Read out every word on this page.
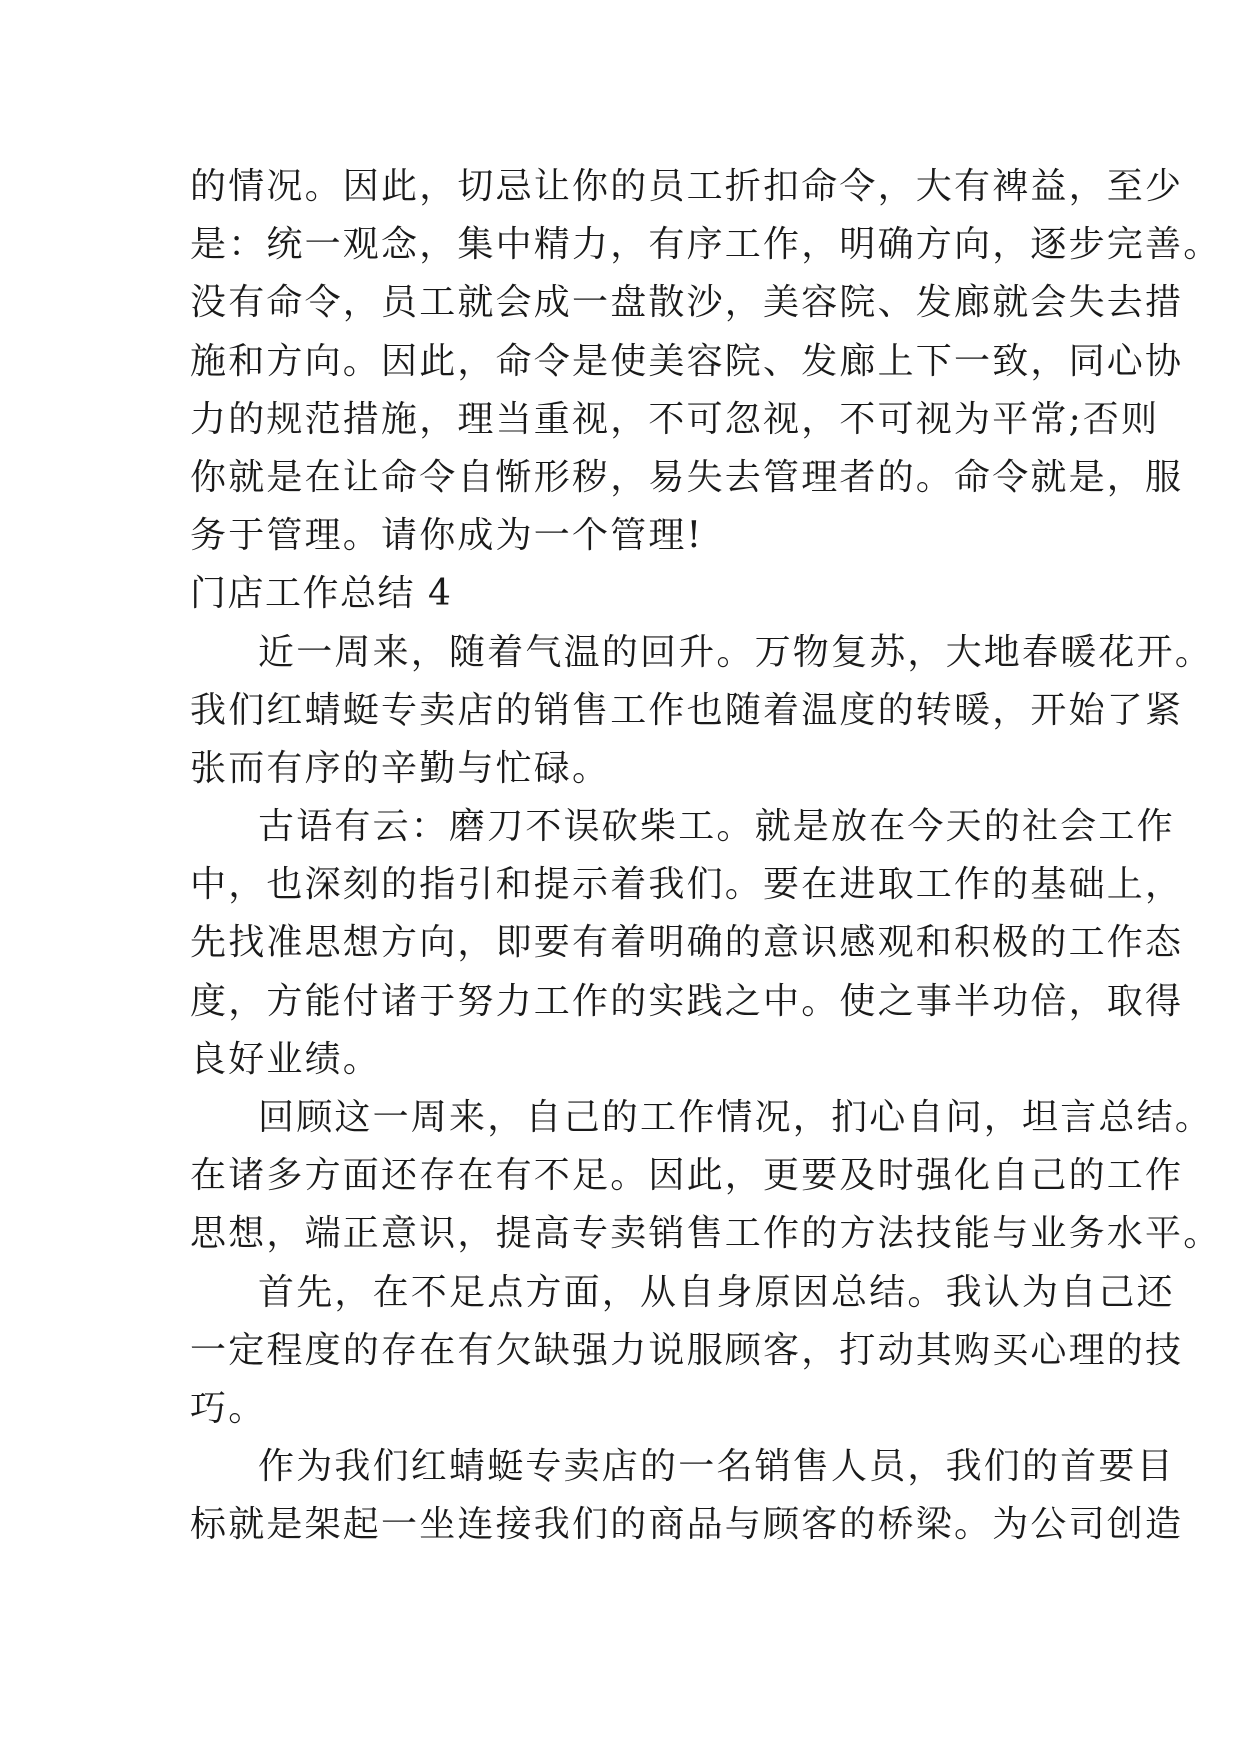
的情况。因此，切忌让你的员工折扣命令，大有裨益，至少
是：统一观念，集中精力，有序工作，明确方向，逐步完善。
没有命令，员工就会成一盘散沙，美容院、发廊就会失去措
施和方向。因此，命令是使美容院、发廊上下一致，同心协
力的规范措施，理当重视，不可忽视，不可视为平常;否则
你就是在让命令自惭形秽，易失去管理者的。命令就是，服
务于管理。请你成为一个管理!
门店工作总结 4
近一周来，随着气温的回升。万物复苏，大地春暖花开。
我们红蜻蜓专卖店的销售工作也随着温度的转暖，开始了紧
张而有序的辛勤与忙碌。
古语有云：磨刀不误砍柴工。就是放在今天的社会工作
中，也深刻的指引和提示着我们。要在进取工作的基础上，
先找准思想方向，即要有着明确的意识感观和积极的工作态
度，方能付诸于努力工作的实践之中。使之事半功倍，取得
良好业绩。
回顾这一周来，自己的工作情况，扪心自问，坦言总结。
在诸多方面还存在有不足。因此，更要及时强化自己的工作
思想，端正意识，提高专卖销售工作的方法技能与业务水平。
首先，在不足点方面，从自身原因总结。我认为自己还
一定程度的存在有欠缺强力说服顾客，打动其购买心理的技
巧。
作为我们红蜻蜓专卖店的一名销售人员，我们的首要目
标就是架起一坐连接我们的商品与顾客的桥梁。为公司创造
